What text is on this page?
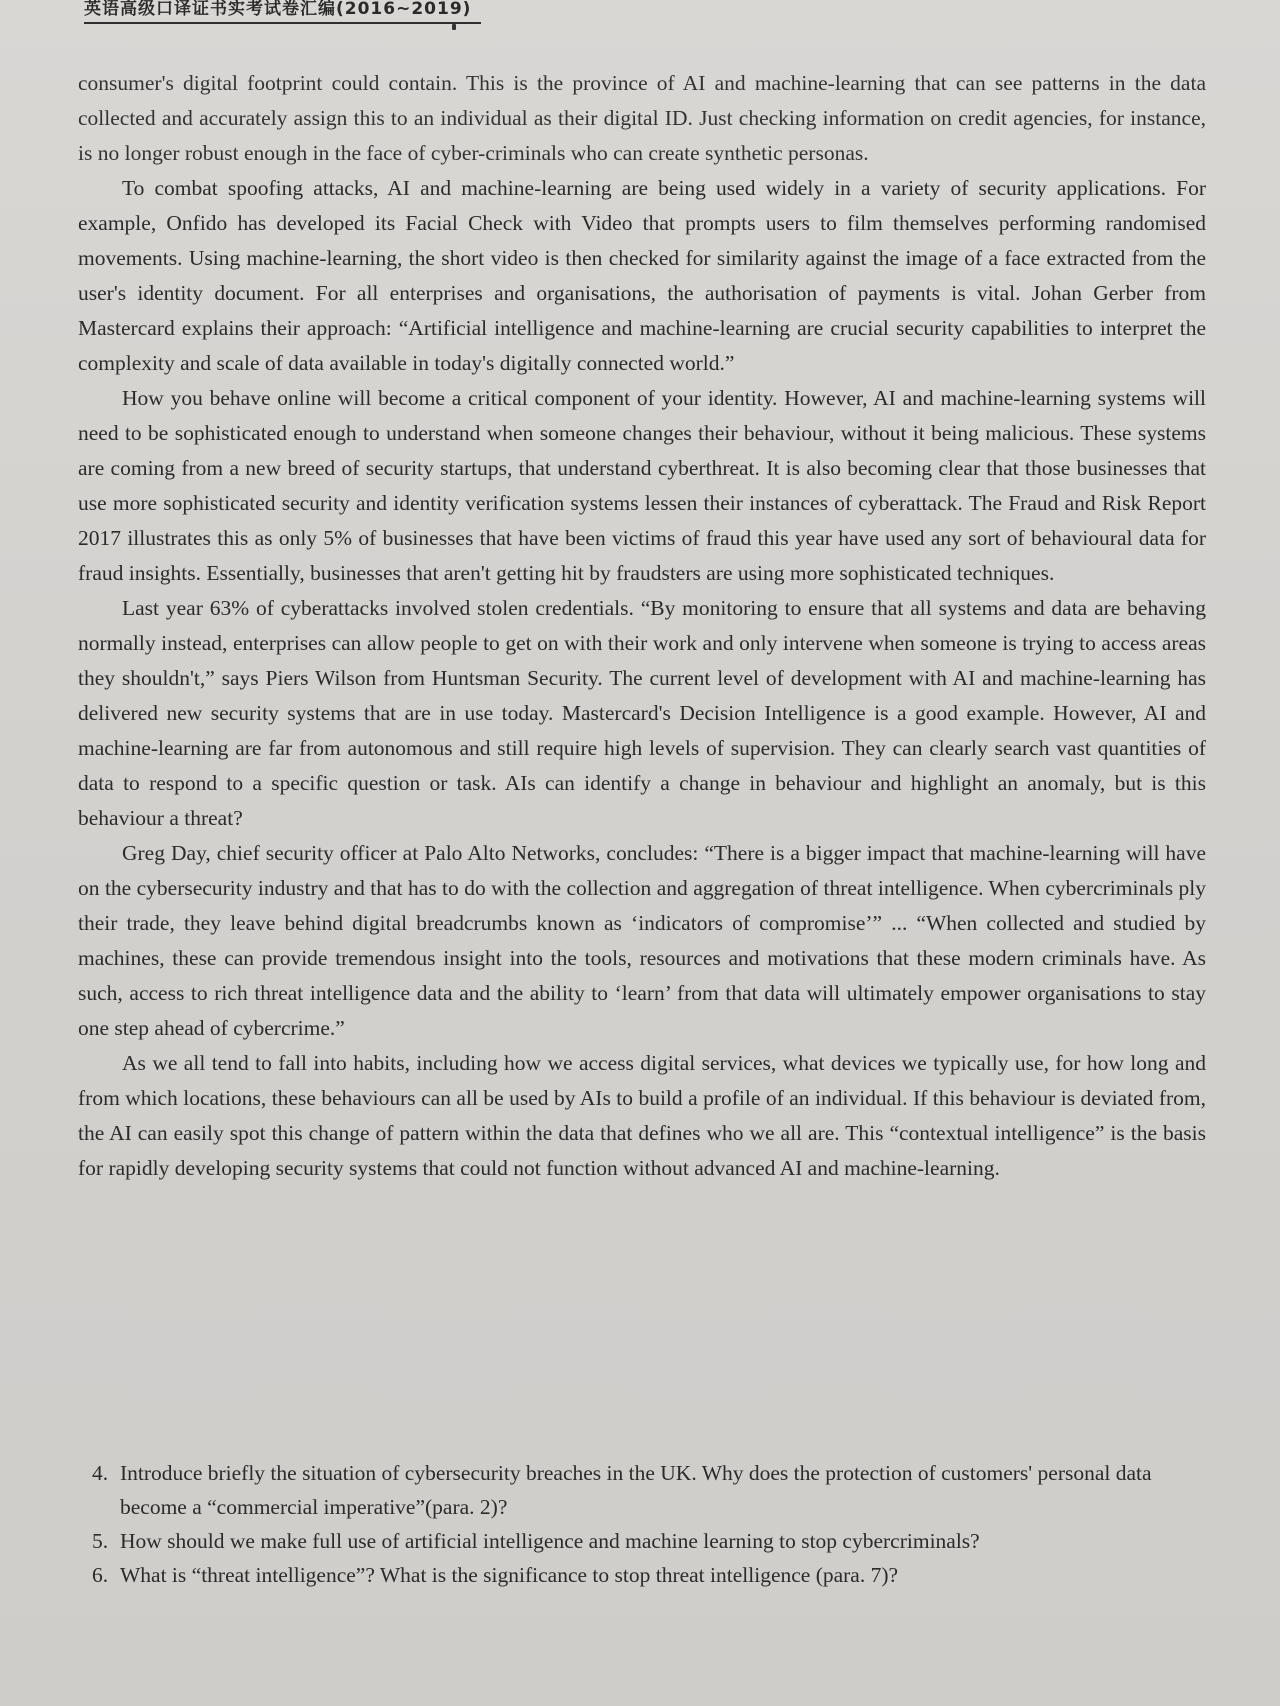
英语高级口译证书实考试卷汇编(2016~2019)

consumer's digital footprint could contain. This is the province of AI and machine-learning that can see patterns in the data collected and accurately assign this to an individual as their digital ID. Just checking information on credit agencies, for instance, is no longer robust enough in the face of cyber-criminals who can create synthetic personas.

To combat spoofing attacks, AI and machine-learning are being used widely in a variety of security applications. For example, Onfido has developed its Facial Check with Video that prompts users to film themselves performing randomised movements. Using machine-learning, the short video is then checked for similarity against the image of a face extracted from the user's identity document. For all enterprises and organisations, the authorisation of payments is vital. Johan Gerber from Mastercard explains their approach: “Artificial intelligence and machine-learning are crucial security capabilities to interpret the complexity and scale of data available in today's digitally connected world.”

How you behave online will become a critical component of your identity. However, AI and machine-learning systems will need to be sophisticated enough to understand when someone changes their behaviour, without it being malicious. These systems are coming from a new breed of security startups, that understand cyberthreat. It is also becoming clear that those businesses that use more sophisticated security and identity verification systems lessen their instances of cyberattack. The Fraud and Risk Report 2017 illustrates this as only 5% of businesses that have been victims of fraud this year have used any sort of behavioural data for fraud insights. Essentially, businesses that aren't getting hit by fraudsters are using more sophisticated techniques.

Last year 63% of cyberattacks involved stolen credentials. “By monitoring to ensure that all systems and data are behaving normally instead, enterprises can allow people to get on with their work and only intervene when someone is trying to access areas they shouldn't,” says Piers Wilson from Huntsman Security. The current level of development with AI and machine-learning has delivered new security systems that are in use today. Mastercard's Decision Intelligence is a good example. However, AI and machine-learning are far from autonomous and still require high levels of supervision. They can clearly search vast quantities of data to respond to a specific question or task. AIs can identify a change in behaviour and highlight an anomaly, but is this behaviour a threat?

Greg Day, chief security officer at Palo Alto Networks, concludes: “There is a bigger impact that machine-learning will have on the cybersecurity industry and that has to do with the collection and aggregation of threat intelligence. When cybercriminals ply their trade, they leave behind digital breadcrumbs known as ‘indicators of compromise’” ... “When collected and studied by machines, these can provide tremendous insight into the tools, resources and motivations that these modern criminals have. As such, access to rich threat intelligence data and the ability to ‘learn’ from that data will ultimately empower organisations to stay one step ahead of cybercrime.”

As we all tend to fall into habits, including how we access digital services, what devices we typically use, for how long and from which locations, these behaviours can all be used by AIs to build a profile of an individual. If this behaviour is deviated from, the AI can easily spot this change of pattern within the data that defines who we all are. This “contextual intelligence” is the basis for rapidly developing security systems that could not function without advanced AI and machine-learning.

4. Introduce briefly the situation of cybersecurity breaches in the UK. Why does the protection of customers' personal data become a “commercial imperative”(para. 2)?
5. How should we make full use of artificial intelligence and machine learning to stop cybercriminals?
6. What is “threat intelligence”? What is the significance to stop threat intelligence (para. 7)?
